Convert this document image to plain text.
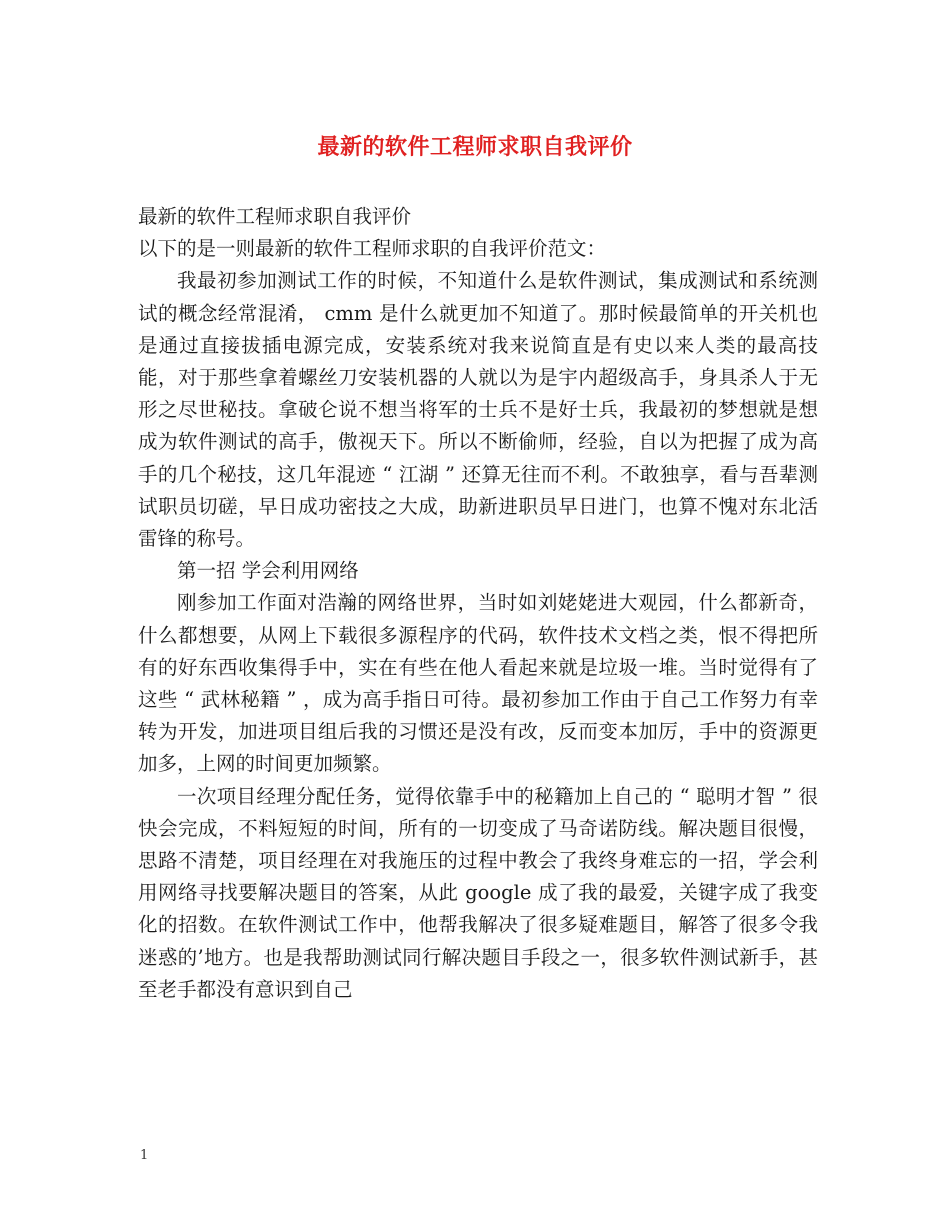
最新的软件工程师求职自我评价

最新的软件工程师求职自我评价

以下的是一则最新的软件工程师求职的自我评价范文：

我最初参加测试工作的时候，不知道什么是软件测试，集成测试和系统测试的概念经常混淆， cmm 是什么就更加不知道了。那时候最简单的开关机也是通过直接拔插电源完成，安装系统对我来说简直是有史以来人类的最高技能，对于那些拿着螺丝刀安装机器的人就以为是宇内超级高手，身具杀人于无形之尽世秘技。拿破仑说不想当将军的士兵不是好士兵，我最初的梦想就是想成为软件测试的高手，傲视天下。所以不断偷师，经验，自以为把握了成为高手的几个秘技，这几年混迹 “ 江湖 ” 还算无往而不利。不敢独享，看与吾辈测试职员切磋，早日成功密技之大成，助新进职员早日进门，也算不愧对东北活雷锋的称号。

第一招 学会利用网络

刚参加工作面对浩瀚的网络世界，当时如刘姥姥进大观园，什么都新奇，什么都想要，从网上下载很多源程序的代码，软件技术文档之类，恨不得把所有的好东西收集得手中，实在有些在他人看起来就是垃圾一堆。当时觉得有了这些 “ 武林秘籍 ” ，成为高手指日可待。最初参加工作由于自己工作努力有幸转为开发，加进项目组后我的习惯还是没有改，反而变本加厉，手中的资源更加多，上网的时间更加频繁。

一次项目经理分配任务，觉得依靠手中的秘籍加上自己的 “ 聪明才智 ” 很快会完成，不料短短的时间，所有的一切变成了马奇诺防线。解决题目很慢，思路不清楚，项目经理在对我施压的过程中教会了我终身难忘的一招，学会利用网络寻找要解决题目的答案，从此 google 成了我的最爱，关键字成了我变化的招数。在软件测试工作中，他帮我解决了很多疑难题目，解答了很多令我迷惑的’地方。也是我帮助测试同行解决题目手段之一，很多软件测试新手，甚至老手都没有意识到自己

1
